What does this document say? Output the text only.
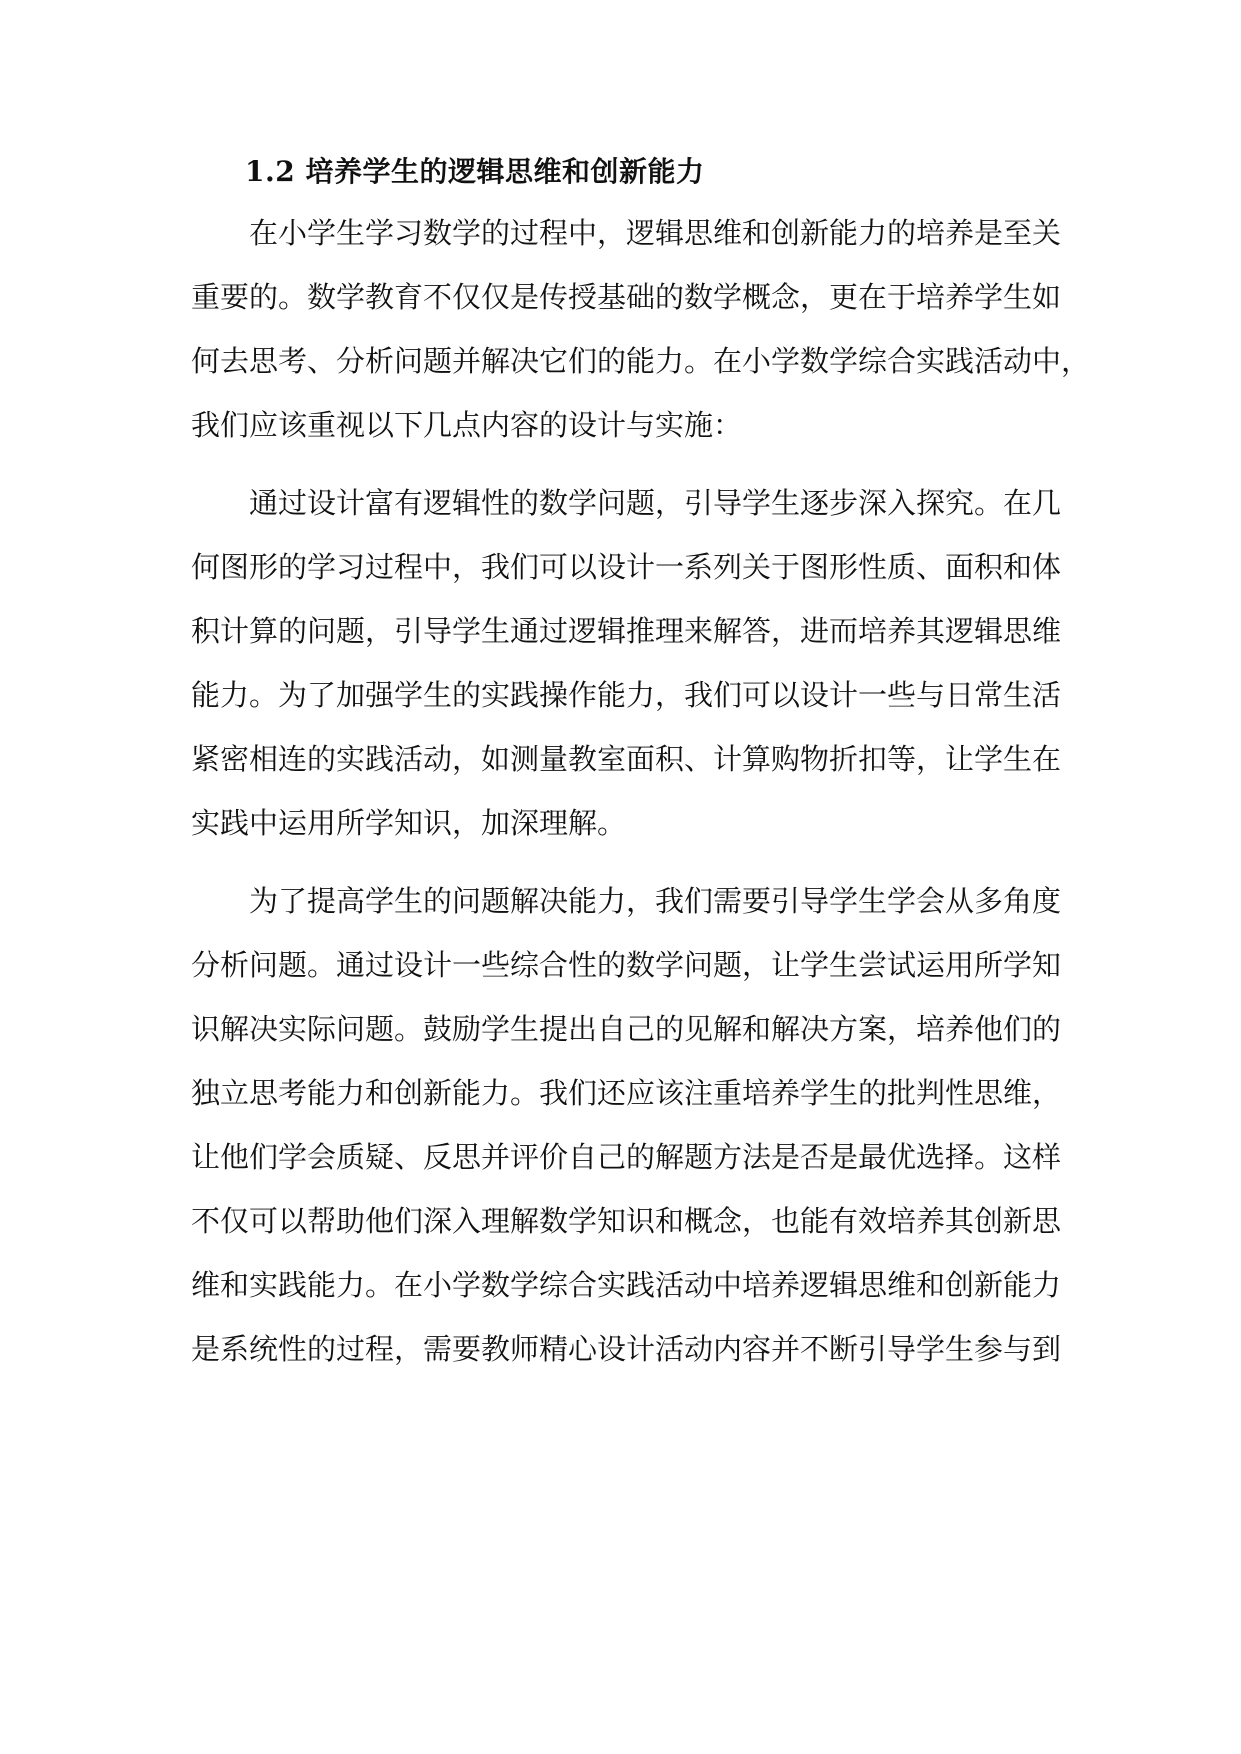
1.2 培养学生的逻辑思维和创新能力

在小学生学习数学的过程中，逻辑思维和创新能力的培养是至关

重要的。数学教育不仅仅是传授基础的数学概念，更在于培养学生如

何去思考、分析问题并解决它们的能力。在小学数学综合实践活动中，

我们应该重视以下几点内容的设计与实施：

通过设计富有逻辑性的数学问题，引导学生逐步深入探究。在几

何图形的学习过程中，我们可以设计一系列关于图形性质、面积和体

积计算的问题，引导学生通过逻辑推理来解答，进而培养其逻辑思维

能力。为了加强学生的实践操作能力，我们可以设计一些与日常生活

紧密相连的实践活动，如测量教室面积、计算购物折扣等，让学生在

实践中运用所学知识，加深理解。

为了提高学生的问题解决能力，我们需要引导学生学会从多角度

分析问题。通过设计一些综合性的数学问题，让学生尝试运用所学知

识解决实际问题。鼓励学生提出自己的见解和解决方案，培养他们的

独立思考能力和创新能力。我们还应该注重培养学生的批判性思维，

让他们学会质疑、反思并评价自己的解题方法是否是最优选择。这样

不仅可以帮助他们深入理解数学知识和概念，也能有效培养其创新思

维和实践能力。在小学数学综合实践活动中培养逻辑思维和创新能力

是系统性的过程，需要教师精心设计活动内容并不断引导学生参与到
